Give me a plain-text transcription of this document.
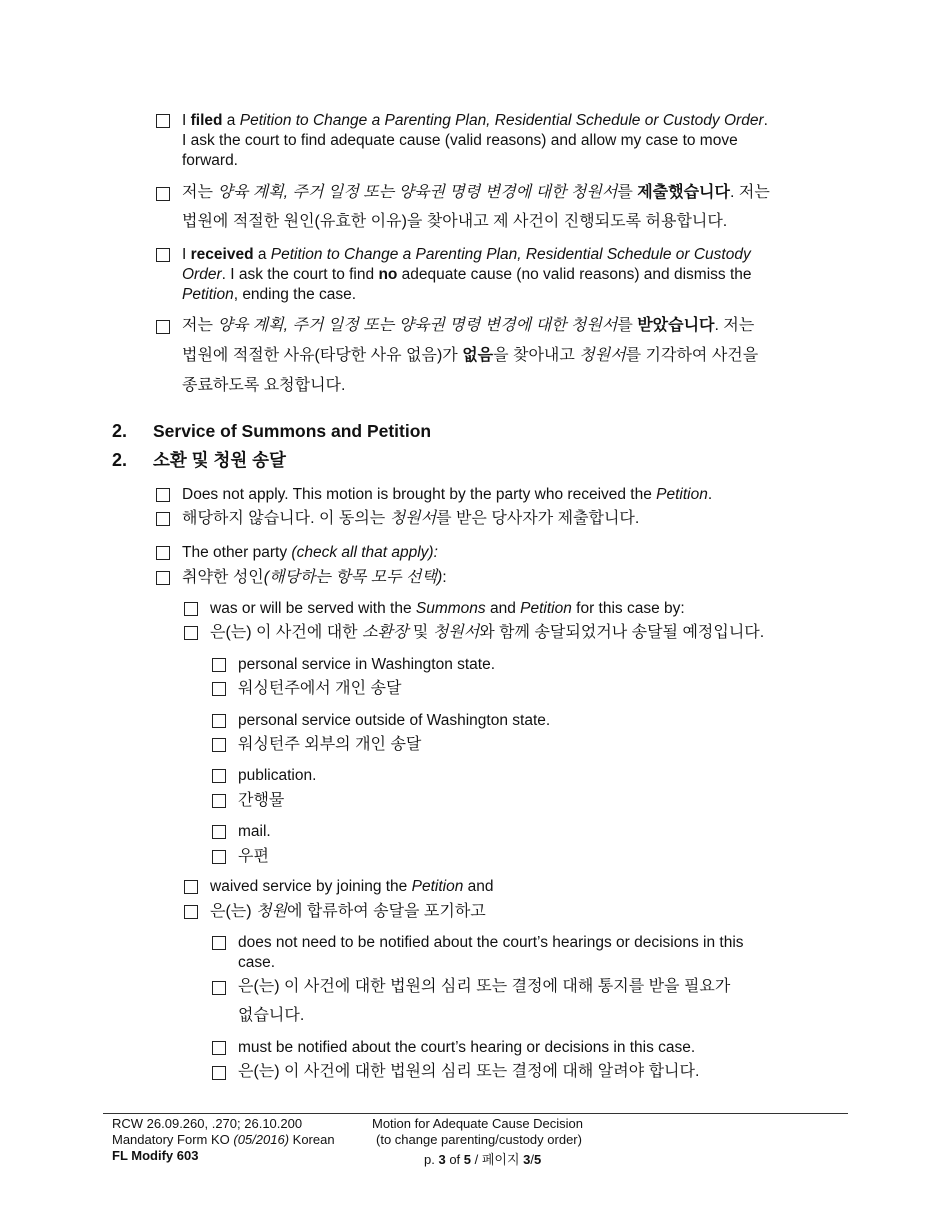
I filed a Petition to Change a Parenting Plan, Residential Schedule or Custody Order.
I ask the court to find adequate cause (valid reasons) and allow my case to move
forward.
저는 양육 계획, 주거 일정 또는 양육권 명령 변경에 대한 청원서를 제출했습니다. 저는
법원에 적절한 원인(유효한 이유)을 찾아내고 제 사건이 진행되도록 허용합니다.
I received a Petition to Change a Parenting Plan, Residential Schedule or Custody
Order. I ask the court to find no adequate cause (no valid reasons) and dismiss the
Petition, ending the case.
저는 양육 계획, 주거 일정 또는 양육권 명령 변경에 대한 청원서를 받았습니다. 저는
법원에 적절한 사유(타당한 사유 없음)가 없음을 찾아내고 청원서를 기각하여 사건을
종료하도록 요청합니다.
2. Service of Summons and Petition
2. 소환 및 청원 송달
Does not apply. This motion is brought by the party who received the Petition.
해당하지 않습니다. 이 동의는 청원서를 받은 당사자가 제출합니다.
The other party (check all that apply):
취약한 성인(해당하는 항목 모두 선택):
was or will be served with the Summons and Petition for this case by:
은(는) 이 사건에 대한 소환장 및 청원서와 함께 송달되었거나 송달될 예정입니다.
personal service in Washington state.
워싱턴주에서 개인 송달
personal service outside of Washington state.
워싱턴주 외부의 개인 송달
publication.
간행물
mail.
우편
waived service by joining the Petition and
은(는) 청원에 합류하여 송달을 포기하고
does not need to be notified about the court’s hearings or decisions in this
case.
은(는) 이 사건에 대한 법원의 심리 또는 결정에 대해 통지를 받을 필요가
없습니다.
must be notified about the court’s hearing or decisions in this case.
은(는) 이 사건에 대한 법원의 심리 또는 결정에 대해 알려야 합니다.
RCW 26.09.260, .270; 26.10.200
Mandatory Form KO (05/2016) Korean
FL Modify 603
Motion for Adequate Cause Decision
(to change parenting/custody order)
p. 3 of 5 / 페이지 3/5
